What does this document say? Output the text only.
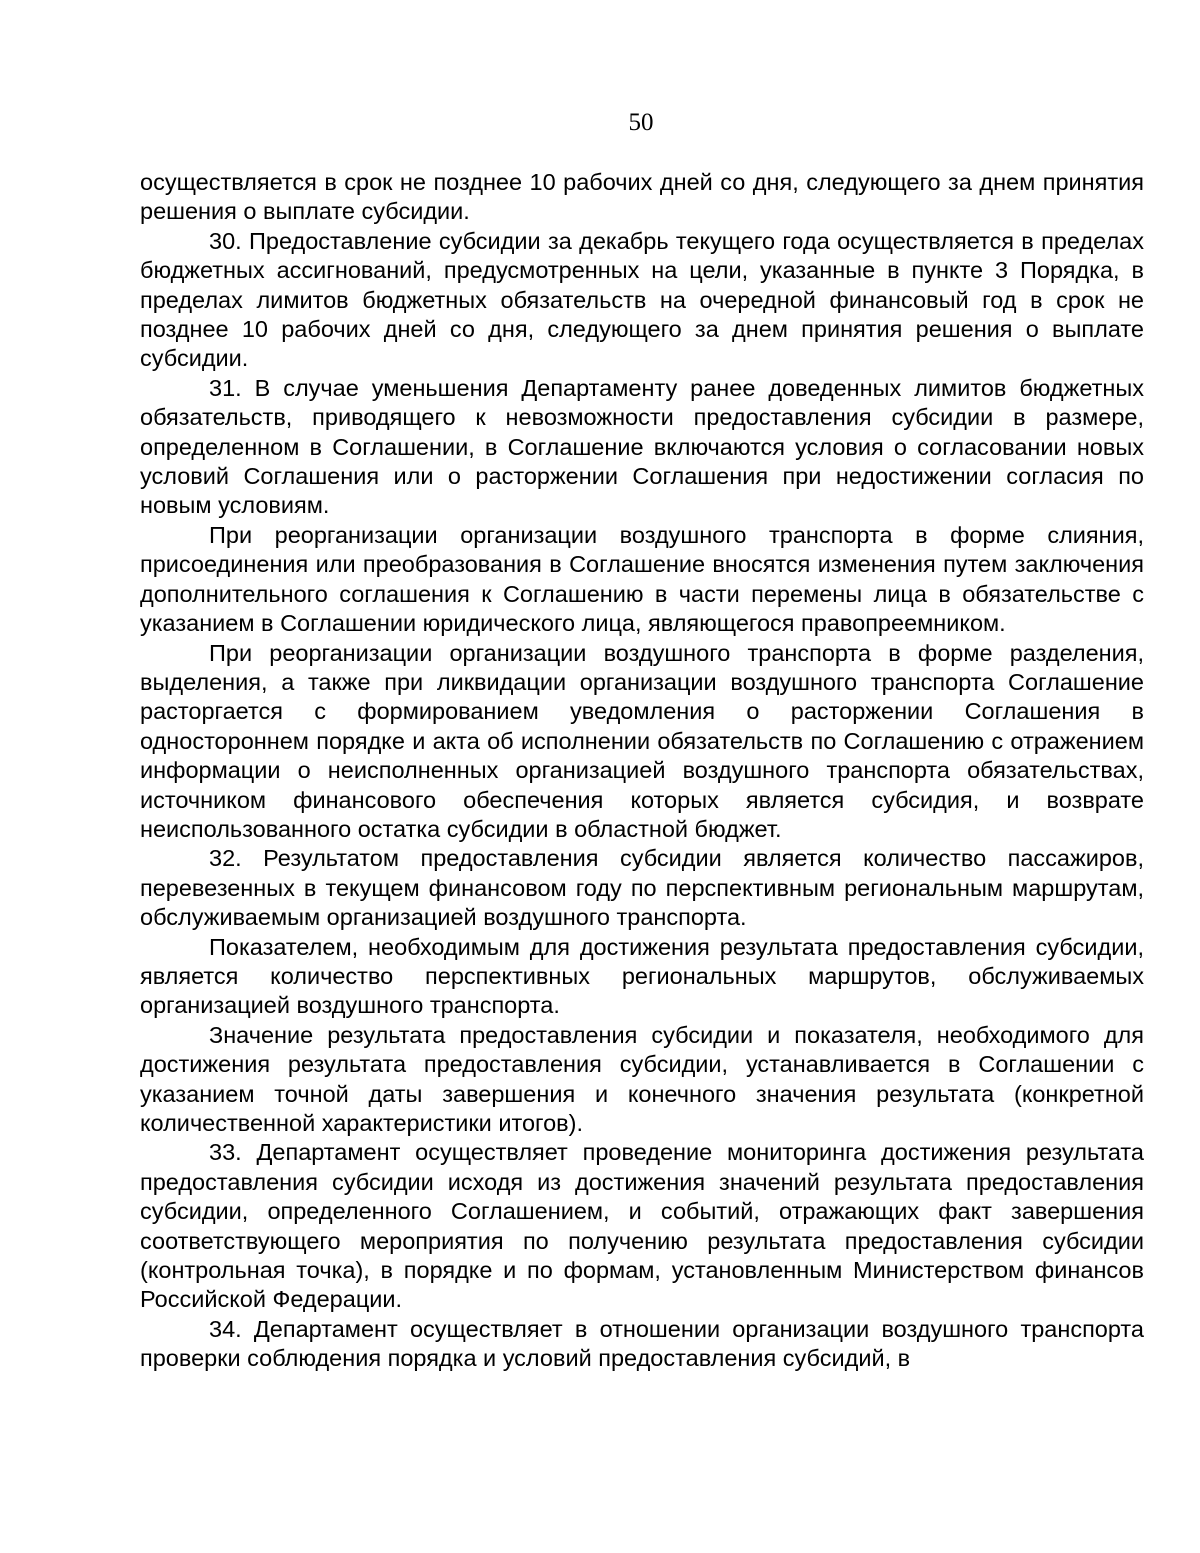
50

осуществляется в срок не позднее 10 рабочих дней со дня, следующего за днем принятия решения о выплате субсидии.

30. Предоставление субсидии за декабрь текущего года осуществляется в пределах бюджетных ассигнований, предусмотренных на цели, указанные в пункте 3 Порядка, в пределах лимитов бюджетных обязательств на очередной финансовый год в срок не позднее 10 рабочих дней со дня, следующего за днем принятия решения о выплате субсидии.

31. В случае уменьшения Департаменту ранее доведенных лимитов бюджетных обязательств, приводящего к невозможности предоставления субсидии в размере, определенном в Соглашении, в Соглашение включаются условия о согласовании новых условий Соглашения или о расторжении Соглашения при недостижении согласия по новым условиям.

При реорганизации организации воздушного транспорта в форме слияния, присоединения или преобразования в Соглашение вносятся изменения путем заключения дополнительного соглашения к Соглашению в части перемены лица в обязательстве с указанием в Соглашении юридического лица, являющегося правопреемником.

При реорганизации организации воздушного транспорта в форме разделения, выделения, а также при ликвидации организации воздушного транспорта Соглашение расторгается с формированием уведомления о расторжении Соглашения в одностороннем порядке и акта об исполнении обязательств по Соглашению с отражением информации о неисполненных организацией воздушного транспорта обязательствах, источником финансового обеспечения которых является субсидия, и возврате неиспользованного остатка субсидии в областной бюджет.

32. Результатом предоставления субсидии является количество пассажиров, перевезенных в текущем финансовом году по перспективным региональным маршрутам, обслуживаемым организацией воздушного транспорта.

Показателем, необходимым для достижения результата предоставления субсидии, является количество перспективных региональных маршрутов, обслуживаемых организацией воздушного транспорта.

Значение результата предоставления субсидии и показателя, необходимого для достижения результата предоставления субсидии, устанавливается в Соглашении с указанием точной даты завершения и конечного значения результата (конкретной количественной характеристики итогов).

33. Департамент осуществляет проведение мониторинга достижения результата предоставления субсидии исходя из достижения значений результата предоставления субсидии, определенного Соглашением, и событий, отражающих факт завершения соответствующего мероприятия по получению результата предоставления субсидии (контрольная точка), в порядке и по формам, установленным Министерством финансов Российской Федерации.

34. Департамент осуществляет в отношении организации воздушного транспорта проверки соблюдения порядка и условий предоставления субсидий, в
